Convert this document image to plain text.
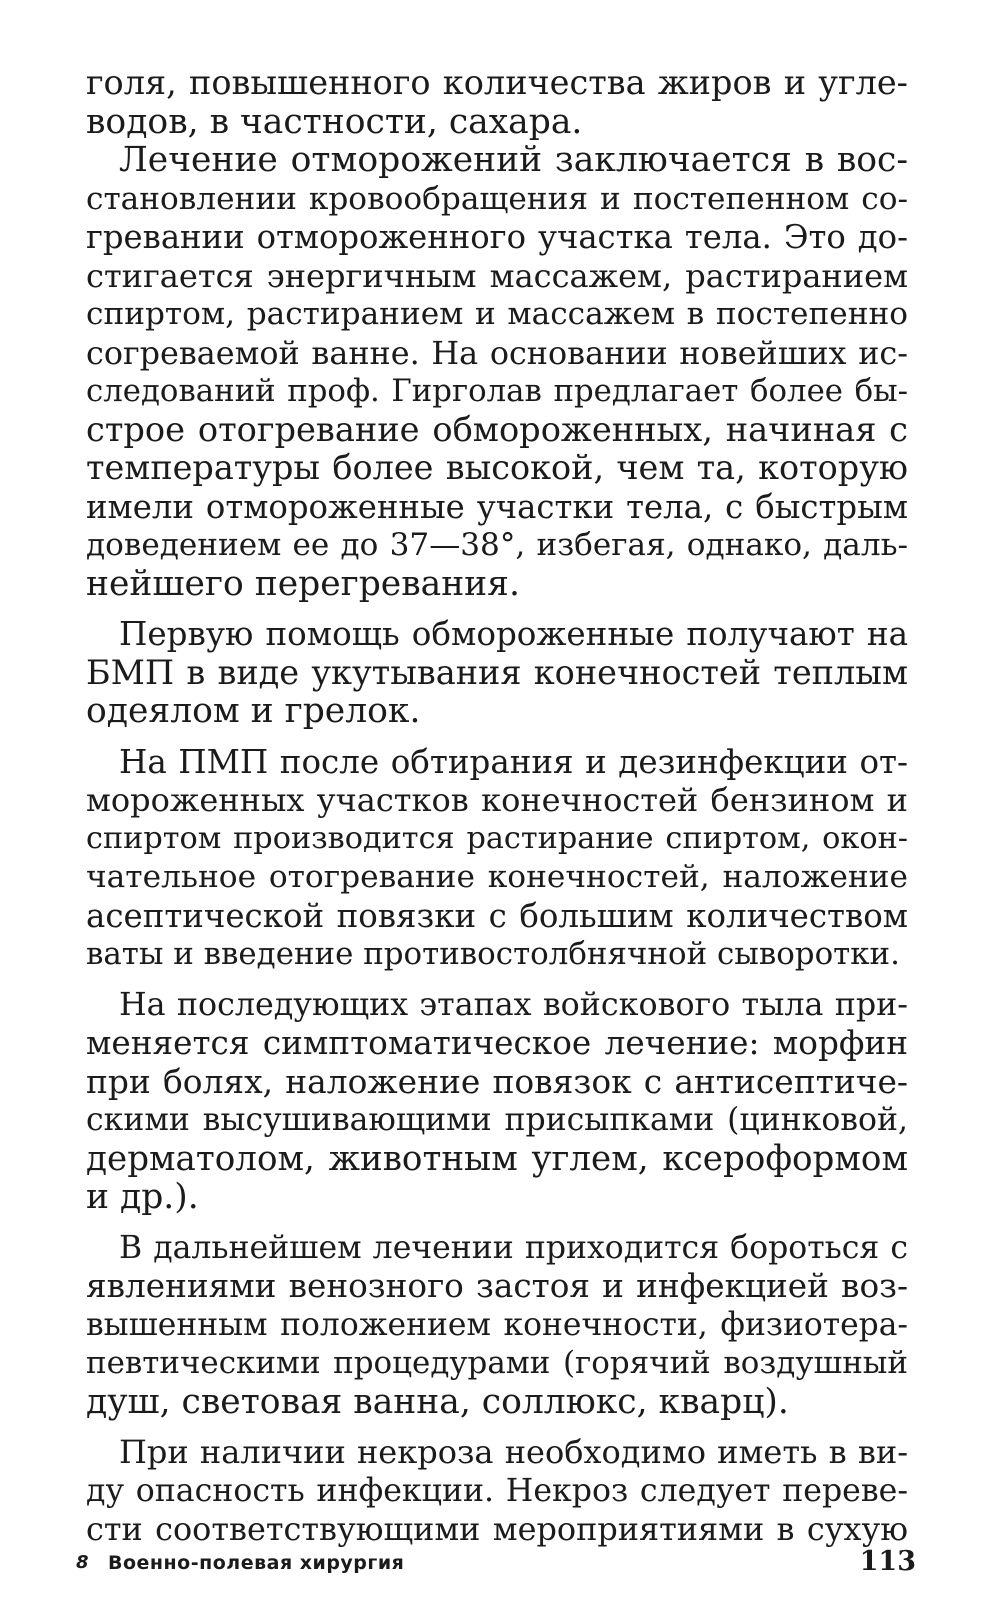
голя, повышенного количества жиров и угле-
водов, в частности, сахара.
Лечение отморожений заключается в вос-
становлении кровообращения и постепенном со-
гревании отмороженного участка тела. Это до-
стигается энергичным массажем, растиранием
спиртом, растиранием и массажем в постепенно
согреваемой ванне. На основании новейших ис-
следований проф. Гирголав предлагает более бы-
строе отогревание обмороженных, начиная с
температуры более высокой, чем та, которую
имели отмороженные участки тела, с быстрым
доведением ее до 37—38°, избегая, однако, даль-
нейшего перегревания.
Первую помощь обмороженные получают на
БМП в виде укутывания конечностей теплым
одеялом и грелок.
На ПМП после обтирания и дезинфекции от-
мороженных участков конечностей бензином и
спиртом производится растирание спиртом, окон-
чательное отогревание конечностей, наложение
асептической повязки с большим количеством
ваты и введение противостолбнячной сыворотки.
На последующих этапах войскового тыла при-
меняется симптоматическое лечение: морфин
при болях, наложение повязок с антисептиче-
скими высушивающими присыпками (цинковой,
дерматолом, животным углем, ксероформом
и др.).
В дальнейшем лечении приходится бороться с
явлениями венозного застоя и инфекцией воз-
вышенным положением конечности, физиотера-
певтическими процедурами (горячий воздушный
душ, световая ванна, соллюкс, кварц).
При наличии некроза необходимо иметь в ви-
ду опасность инфекции. Некроз следует переве-
сти соответствующими мероприятиями в сухую
8 Военно-полевая хирургия	113
